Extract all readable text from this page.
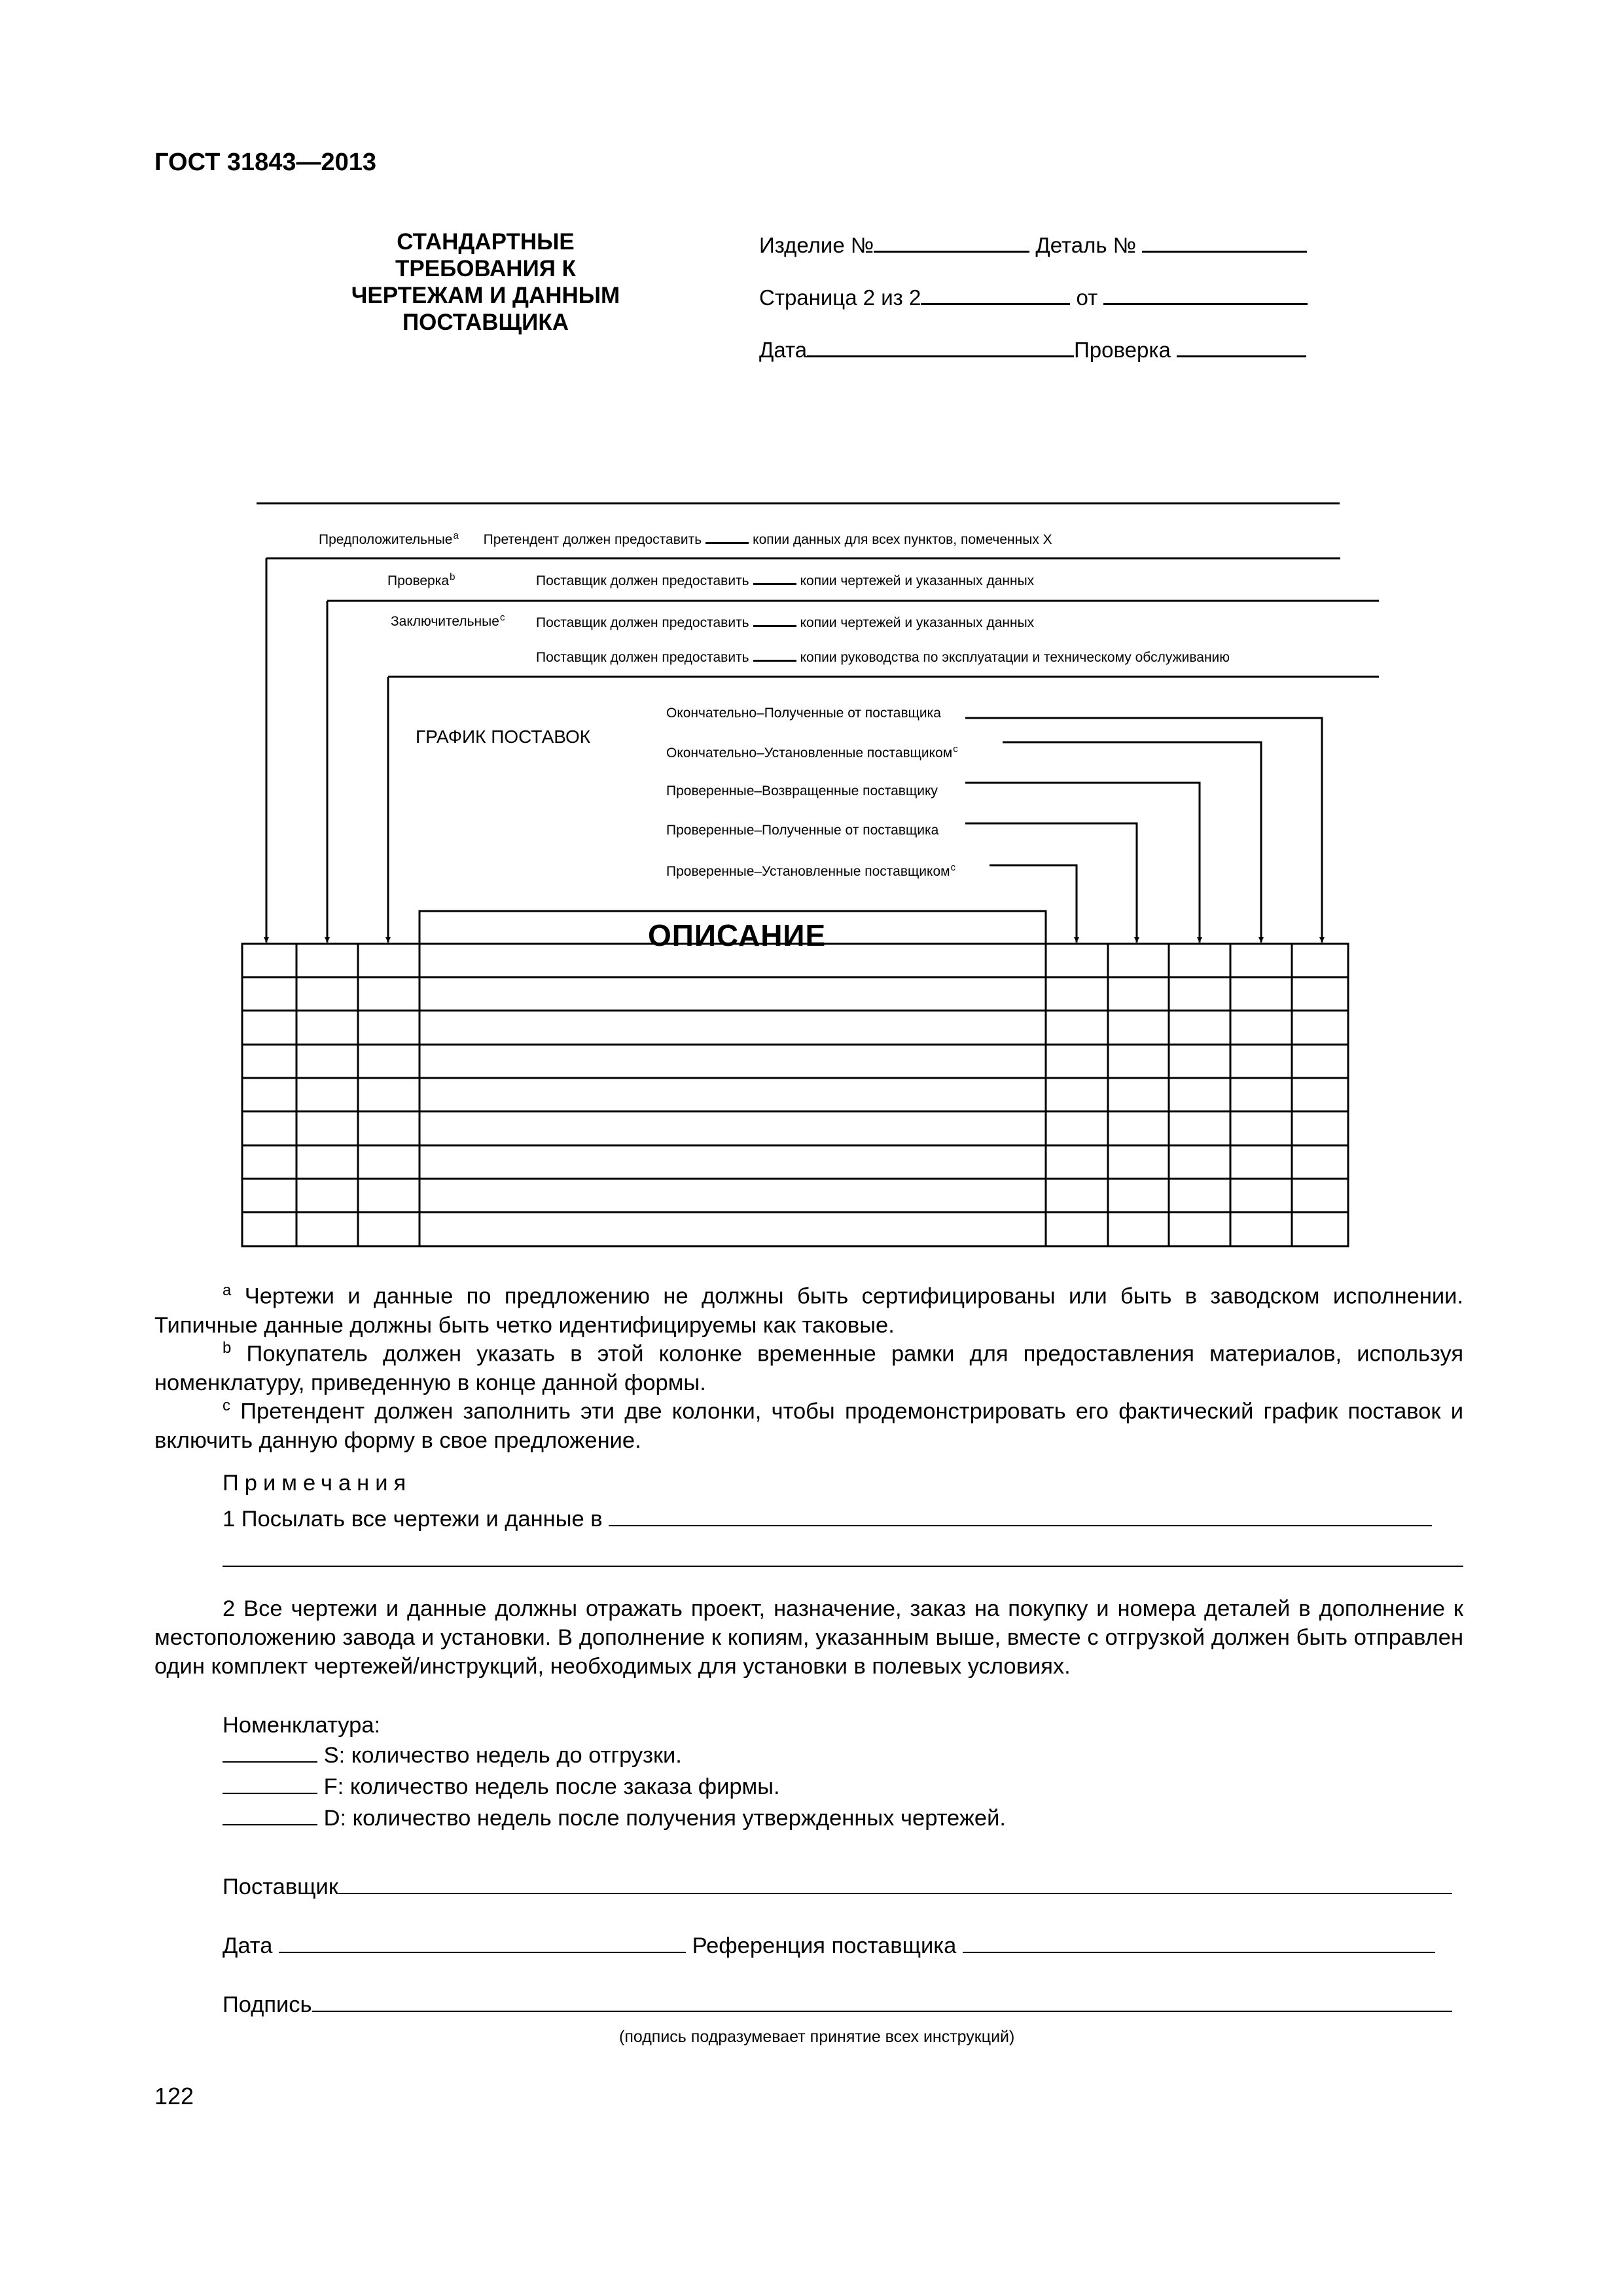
ГОСТ 31843—2013
СТАНДАРТНЫЕ
ТРЕБОВАНИЯ К
ЧЕРТЕЖАМ И ДАННЫМ
ПОСТАВЩИКА
Изделие №	Деталь №
Страница 2 из 2	от
Дата	Проверка
Предположительные$^a$ Претендент должен предоставить	копии данных для всех пунктов, помеченных X
Проверка$^b$	Поставщик должен предоставить	копии чертежей и указанных данных
Заключительные$^c$ Поставщик должен предоставить	копии чертежей и указанных данных
Поставщик должен предоставить	копии руководства по эксплуатации и техническому обслуживанию
ГРАФИК ПОСТАВОК
Окончательно–Полученные от поставщика
Окончательно–Установленные поставщиком$^c$
Проверенные–Возвращенные поставщику
Проверенные–Полученные от поставщика
Проверенные–Установленные поставщиком$^c$
ОПИСАНИЕ
$^a$ Чертежи и данные по предложению не должны быть сертифицированы или быть в заводском исполнении. Типичные данные должны быть четко идентифицируемы как таковые.
$^b$ Покупатель должен указать в этой колонке временные рамки для предоставления материалов, используя номенклатуру, приведенную в конце данной формы.
$^c$ Претендент должен заполнить эти две колонки, чтобы продемонстрировать его фактический график поставок и включить данную форму в свое предложение.
Примечания
1 Посылать все чертежи и данные в
2 Все чертежи и данные должны отражать проект, назначение, заказ на покупку и номера деталей в дополнение к местоположению завода и установки. В дополнение к копиям, указанным выше, вместе с отгрузкой должен быть отправлен один комплект чертежей/инструкций, необходимых для установки в полевых условиях.
Номенклатура:
S: количество недель до отгрузки.
F: количество недель после заказа фирмы.
D: количество недель после получения утвержденных чертежей.
Поставщик
Дата	Референция поставщика
Подпись
(подпись подразумевает принятие всех инструкций)
122
